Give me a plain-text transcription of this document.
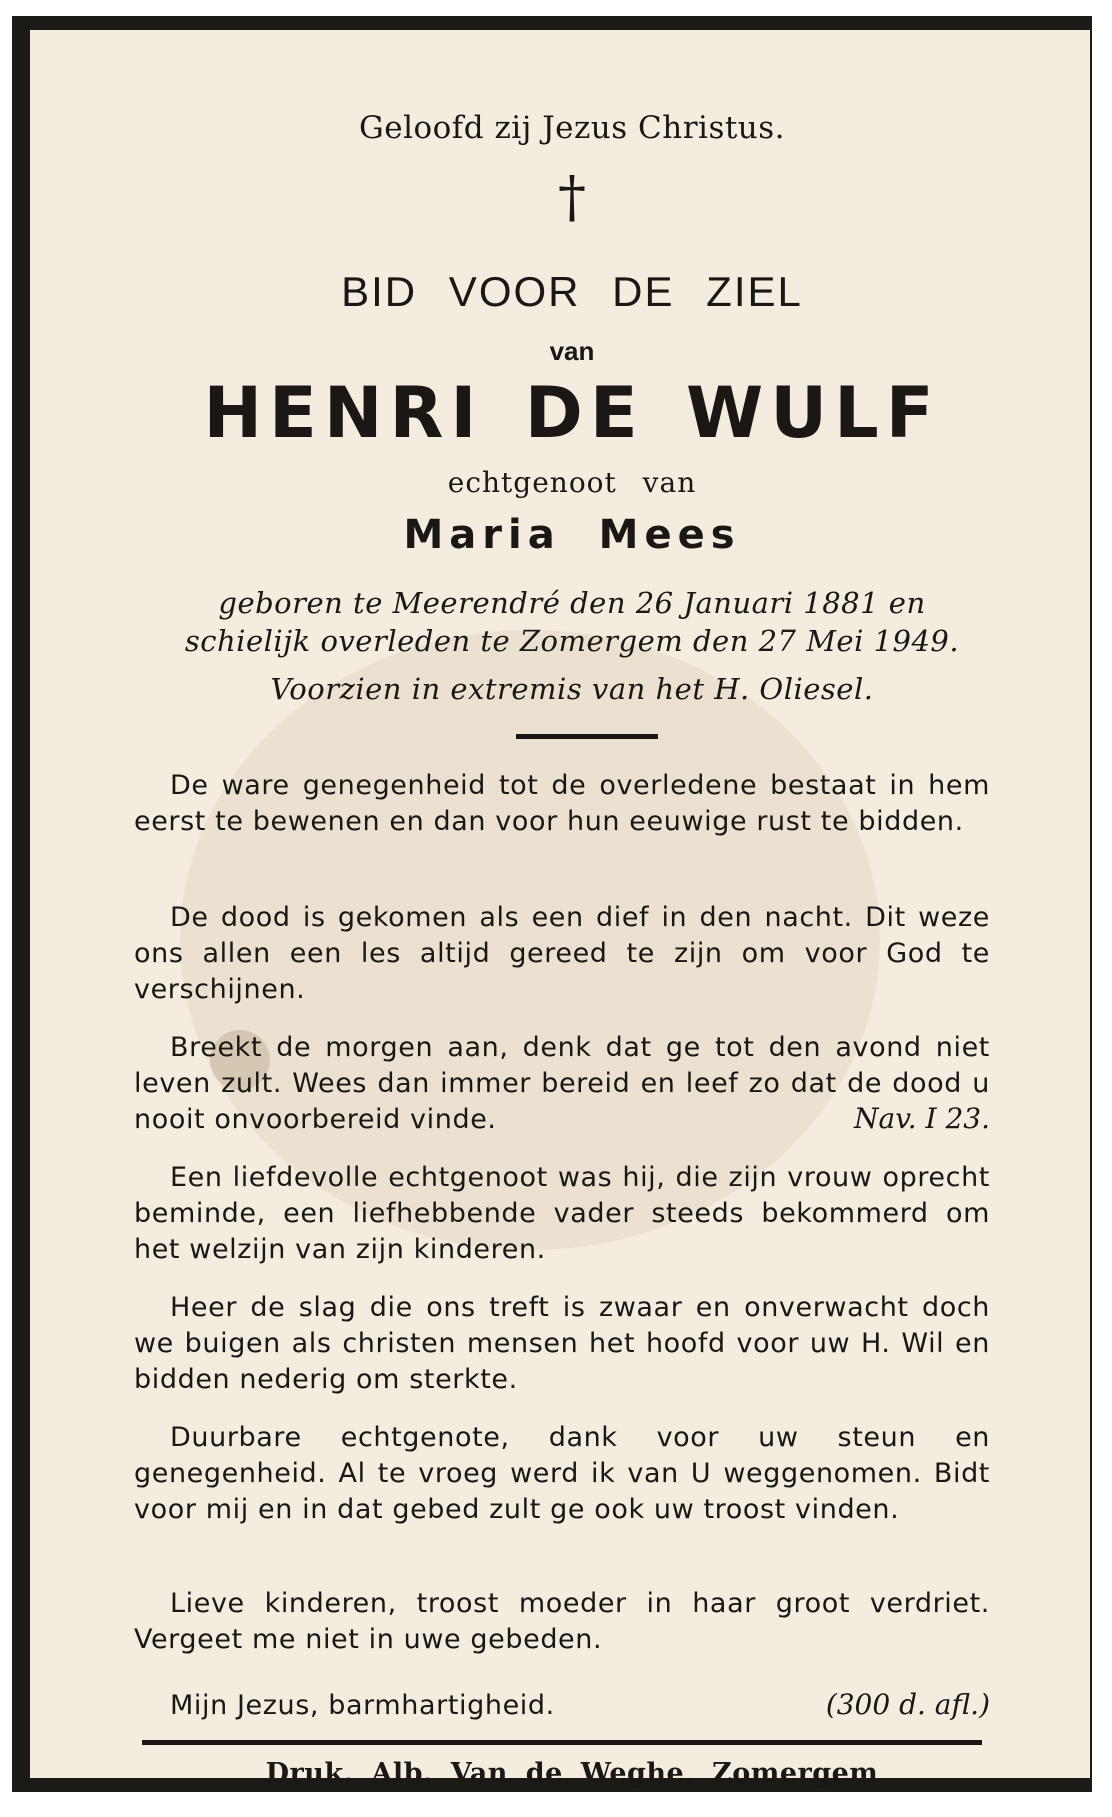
Geloofd zij Jezus Christus.
†
BID VOOR DE ZIEL
van
HENRI DE WULF
echtgenoot van
Maria Mees
geboren te Meerendré den 26 Januari 1881 en
schielijk overleden te Zomergem den 27 Mei 1949.
Voorzien in extremis van het H. Oliesel.
De ware genegenheid tot de overledene bestaat in hem eerst te bewenen en dan voor hun eeuwige rust te bidden.
De dood is gekomen als een dief in den nacht. Dit weze ons allen een les altijd gereed te zijn om voor God te verschijnen.
Breekt de morgen aan, denk dat ge tot den avond niet leven zult. Wees dan immer bereid en leef zo dat de dood u nooit onvoorbereid vinde.	Nav. I 23.
Een liefdevolle echtgenoot was hij, die zijn vrouw oprecht beminde, een liefhebbende vader steeds bekommerd om het welzijn van zijn kinderen.
Heer de slag die ons treft is zwaar en onverwacht doch we buigen als christen mensen het hoofd voor uw H. Wil en bidden nederig om sterkte.
Duurbare echtgenote, dank voor uw steun en genegenheid. Al te vroeg werd ik van U weggenomen. Bidt voor mij en in dat gebed zult ge ook uw troost vinden.
Lieve kinderen, troost moeder in haar groot verdriet. Vergeet me niet in uwe gebeden.
Mijn Jezus, barmhartigheid.	(300 d. afl.)
Druk. Alb. Van de Weghe, Zomergem
